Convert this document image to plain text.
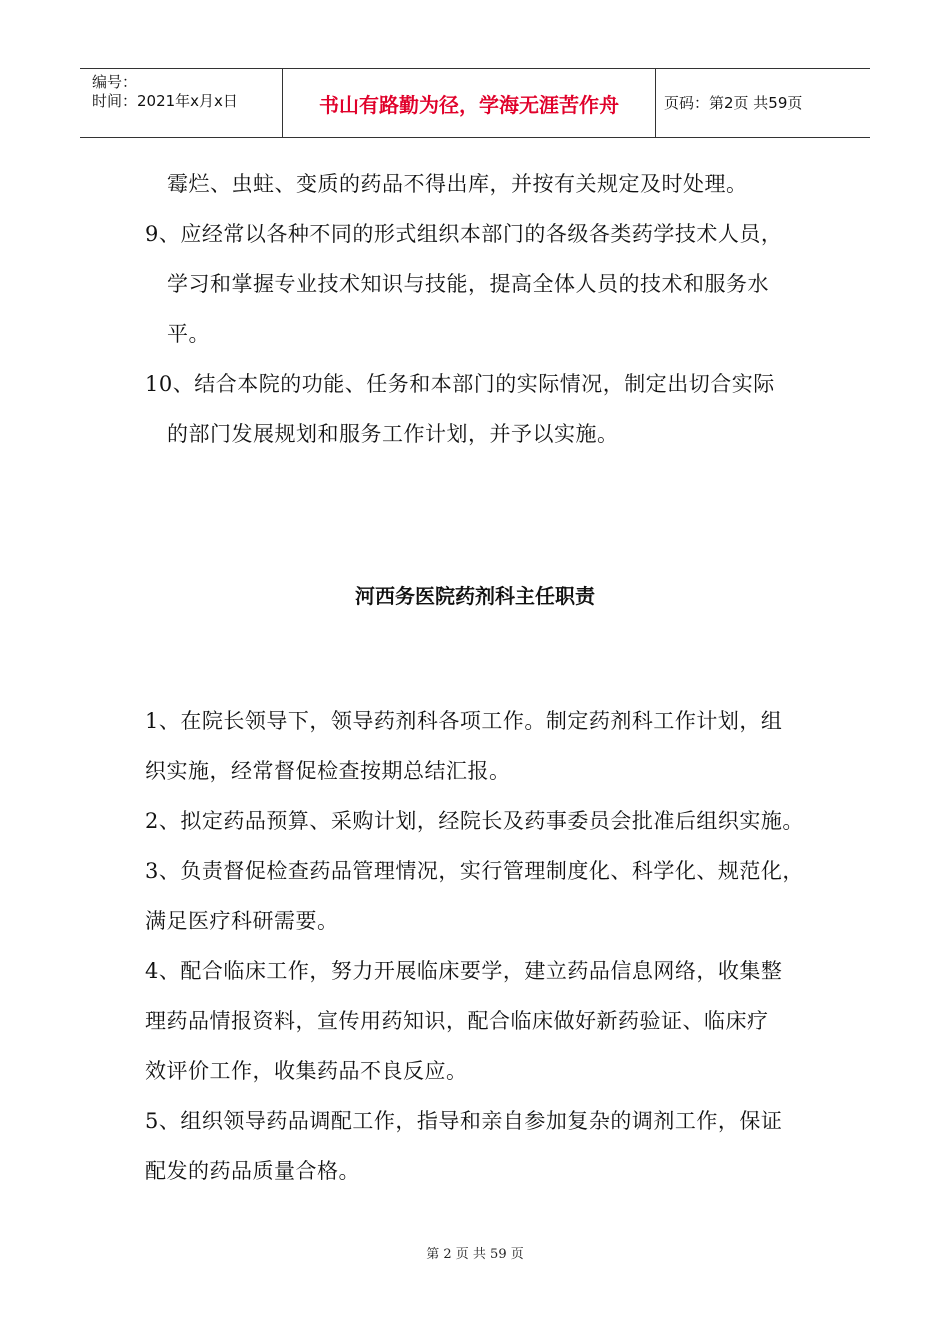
编号：
时间：2021年x月x日	书山有路勤为径，学海无涯苦作舟	页码：第2页 共59页
霉烂、虫蛀、变质的药品不得出库，并按有关规定及时处理。
9、应经常以各种不同的形式组织本部门的各级各类药学技术人员，
学习和掌握专业技术知识与技能，提高全体人员的技术和服务水
平。
10、结合本院的功能、任务和本部门的实际情况，制定出切合实际
的部门发展规划和服务工作计划，并予以实施。
河西务医院药剂科主任职责
1、在院长领导下，领导药剂科各项工作。制定药剂科工作计划，组
织实施，经常督促检查按期总结汇报。
2、拟定药品预算、采购计划，经院长及药事委员会批准后组织实施。
3、负责督促检查药品管理情况，实行管理制度化、科学化、规范化，
满足医疗科研需要。
4、配合临床工作，努力开展临床要学，建立药品信息网络，收集整
理药品情报资料，宣传用药知识，配合临床做好新药验证、临床疗
效评价工作，收集药品不良反应。
5、组织领导药品调配工作，指导和亲自参加复杂的调剂工作，保证
配发的药品质量合格。
第 2 页 共 59 页
